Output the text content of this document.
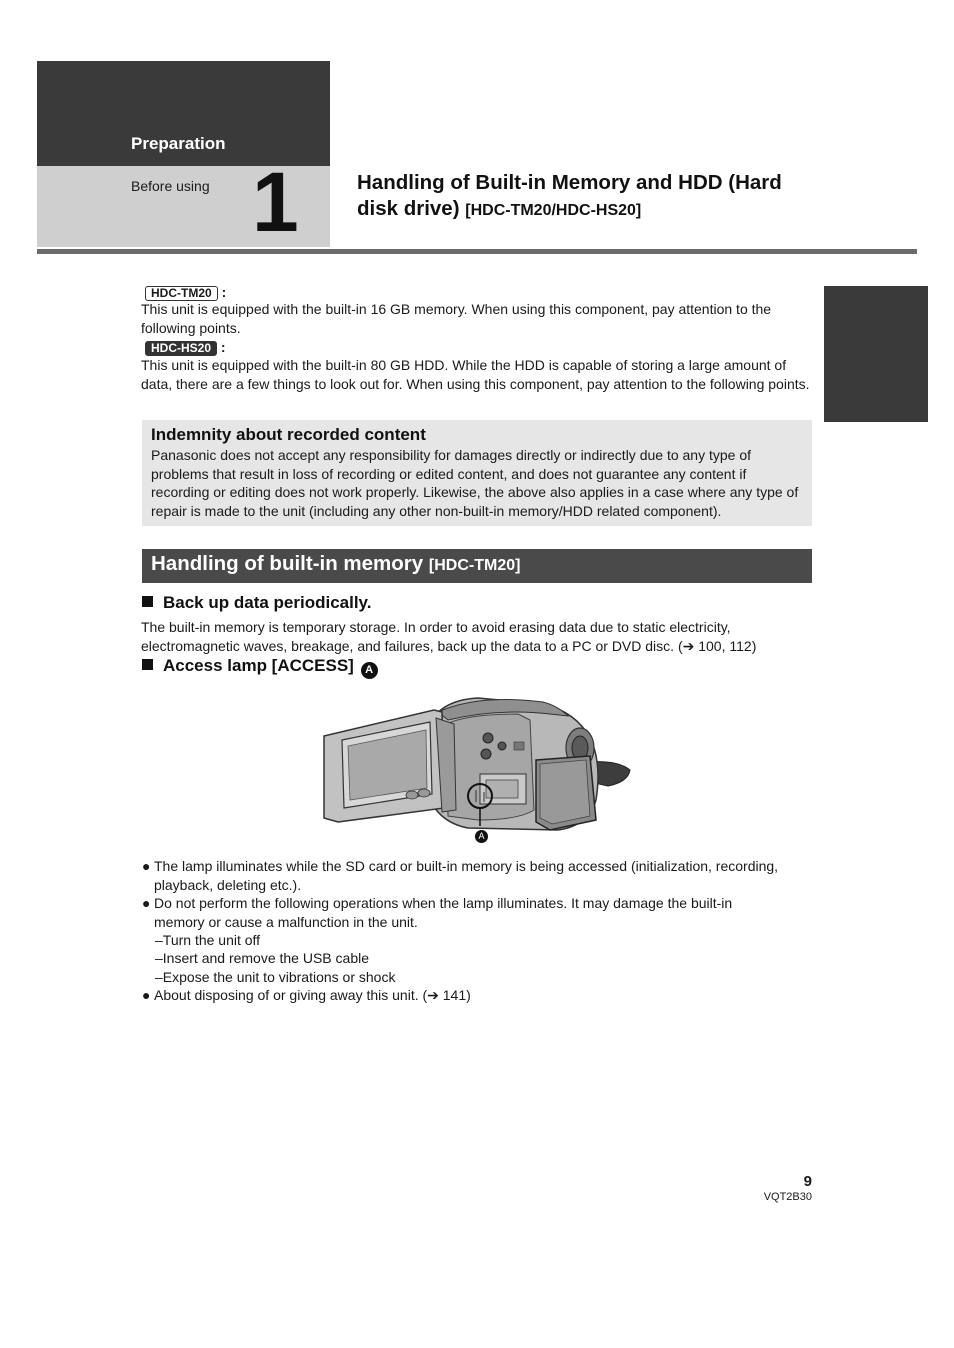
Preparation
Before using 1	Handling of Built-in Memory and HDD (Hard disk drive) [HDC-TM20/HDC-HS20]
HDC-TM20 :
This unit is equipped with the built-in 16 GB memory. When using this component, pay attention to the following points.
HDC-HS20 :
This unit is equipped with the built-in 80 GB HDD. While the HDD is capable of storing a large amount of data, there are a few things to look out for. When using this component, pay attention to the following points.
Indemnity about recorded content
Panasonic does not accept any responsibility for damages directly or indirectly due to any type of problems that result in loss of recording or edited content, and does not guarantee any content if recording or editing does not work properly. Likewise, the above also applies in a case where any type of repair is made to the unit (including any other non-built-in memory/HDD related component).
Handling of built-in memory [HDC-TM20]
Back up data periodically.
The built-in memory is temporary storage. In order to avoid erasing data due to static electricity, electromagnetic waves, breakage, and failures, back up the data to a PC or DVD disc. (➔ 100, 112)
Access lamp [ACCESS] A
A
● The lamp illuminates while the SD card or built-in memory is being accessed (initialization, recording,
playback, deleting etc.).
● Do not perform the following operations when the lamp illuminates. It may damage the built-in
memory or cause a malfunction in the unit.
–Turn the unit off
–Insert and remove the USB cable
–Expose the unit to vibrations or shock
● About disposing of or giving away this unit. (➔ 141)
9
VQT2B30
